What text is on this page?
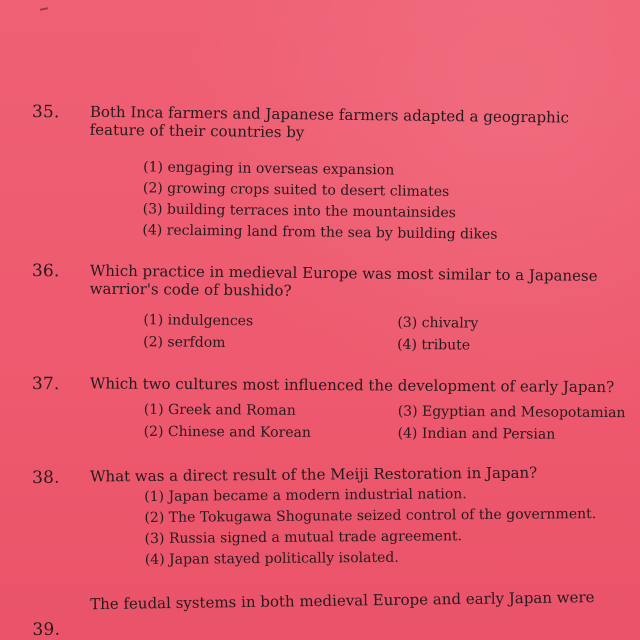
35. Both Inca farmers and Japanese farmers adapted a geographic feature of their countries by
(1) engaging in overseas expansion
(2) growing crops suited to desert climates
(3) building terraces into the mountainsides
(4) reclaiming land from the sea by building dikes
36. Which practice in medieval Europe was most similar to a Japanese warrior's code of bushido?
(1) indulgences	(3) chivalry
(2) serfdom	(4) tribute
37. Which two cultures most influenced the development of early Japan?
(1) Greek and Roman	(3) Egyptian and Mesopotamian
(2) Chinese and Korean	(4) Indian and Persian
38. What was a direct result of the Meiji Restoration in Japan?
(1) Japan became a modern industrial nation.
(2) The Tokugawa Shogunate seized control of the government.
(3) Russia signed a mutual trade agreement.
(4) Japan stayed politically isolated.
39.
The feudal systems in both medieval Europe and early Japan were
